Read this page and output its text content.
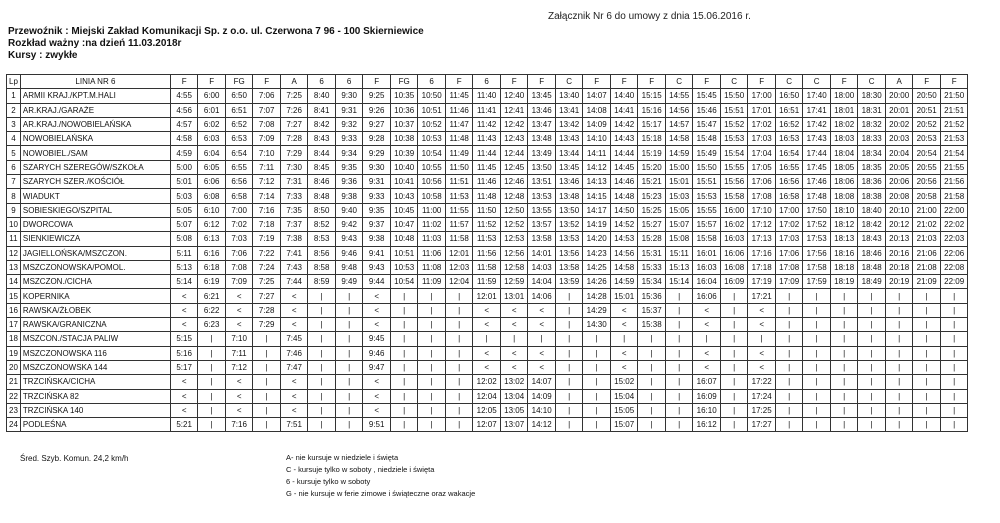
Załącznik Nr 6 do umowy z dnia 15.06.2016 r.
Przewoźnik : Miejski Zakład Komunikacji Sp. z o.o. ul. Czerwona 7 96 - 100 Skierniewice
Rozkład ważny :na dzień 11.03.2018r
Kursy : zwykłe
Lp	LINIA NR 6	F	F	FG	F	A	6	6	F	FG	6	F	6	F	F	C	F	F	F	C	F	C	F	C	C	F	C	A	F	F
1	ARMII KRAJ./KPT.M.HALI	4:55	6:00	6:50	7:06	7:25	8:40	9:30	9:25	10:35	10:50	11:45	11:40	12:40	13:45	13:40	14:07	14:40	15:15	14:55	15:45	15:50	17:00	16:50	17:40	18:00	18:30	20:00	20:50	21:50
2	AR.KRAJ./GARAŻE	4:56	6:01	6:51	7:07	7:26	8:41	9:31	9:26	10:36	10:51	11:46	11:41	12:41	13:46	13:41	14:08	14:41	15:16	14:56	15:46	15:51	17:01	16:51	17:41	18:01	18:31	20:01	20:51	21:51
3	AR.KRAJ./NOWOBIELAŃSKA	4:57	6:02	6:52	7:08	7:27	8:42	9:32	9:27	10:37	10:52	11:47	11:42	12:42	13:47	13:42	14:09	14:42	15:17	14:57	15:47	15:52	17:02	16:52	17:42	18:02	18:32	20:02	20:52	21:52
4	NOWOBIELAŃSKA	4:58	6:03	6:53	7:09	7:28	8:43	9:33	9:28	10:38	10:53	11:48	11:43	12:43	13:48	13:43	14:10	14:43	15:18	14:58	15:48	15:53	17:03	16:53	17:43	18:03	18:33	20:03	20:53	21:53
5	NOWOBIEL./SAM	4:59	6:04	6:54	7:10	7:29	8:44	9:34	9:29	10:39	10:54	11:49	11:44	12:44	13:49	13:44	14:11	14:44	15:19	14:59	15:49	15:54	17:04	16:54	17:44	18:04	18:34	20:04	20:54	21:54
6	SZARYCH SZEREGÓW/SZKOŁA	5:00	6:05	6:55	7:11	7:30	8:45	9:35	9:30	10:40	10:55	11:50	11:45	12:45	13:50	13:45	14:12	14:45	15:20	15:00	15:50	15:55	17:05	16:55	17:45	18:05	18:35	20:05	20:55	21:55
7	SZARYCH SZER./KOŚCIÓŁ	5:01	6:06	6:56	7:12	7:31	8:46	9:36	9:31	10:41	10:56	11:51	11:46	12:46	13:51	13:46	14:13	14:46	15:21	15:01	15:51	15:56	17:06	16:56	17:46	18:06	18:36	20:06	20:56	21:56
8	WIADUKT	5:03	6:08	6:58	7:14	7:33	8:48	9:38	9:33	10:43	10:58	11:53	11:48	12:48	13:53	13:48	14:15	14:48	15:23	15:03	15:53	15:58	17:08	16:58	17:48	18:08	18:38	20:08	20:58	21:58
9	SOBIESKIEGO/SZPITAL	5:05	6:10	7:00	7:16	7:35	8:50	9:40	9:35	10:45	11:00	11:55	11:50	12:50	13:55	13:50	14:17	14:50	15:25	15:05	15:55	16:00	17:10	17:00	17:50	18:10	18:40	20:10	21:00	22:00
10	DWORCOWA	5:07	6:12	7:02	7:18	7:37	8:52	9:42	9:37	10:47	11:02	11:57	11:52	12:52	13:57	13:52	14:19	14:52	15:27	15:07	15:57	16:02	17:12	17:02	17:52	18:12	18:42	20:12	21:02	22:02
11	SIENKIEWICZA	5:08	6:13	7:03	7:19	7:38	8:53	9:43	9:38	10:48	11:03	11:58	11:53	12:53	13:58	13:53	14:20	14:53	15:28	15:08	15:58	16:03	17:13	17:03	17:53	18:13	18:43	20:13	21:03	22:03
12	JAGIELLOŃSKA/MSZCZON.	5:11	6:16	7:06	7:22	7:41	8:56	9:46	9:41	10:51	11:06	12:01	11:56	12:56	14:01	13:56	14:23	14:56	15:31	15:11	16:01	16:06	17:16	17:06	17:56	18:16	18:46	20:16	21:06	22:06
13	MSZCZONOWSKA/POMOL.	5:13	6:18	7:08	7:24	7:43	8:58	9:48	9:43	10:53	11:08	12:03	11:58	12:58	14:03	13:58	14:25	14:58	15:33	15:13	16:03	16:08	17:18	17:08	17:58	18:18	18:48	20:18	21:08	22:08
14	MSZCZON./CICHA	5:14	6:19	7:09	7:25	7:44	8:59	9:49	9:44	10:54	11:09	12:04	11:59	12:59	14:04	13:59	14:26	14:59	15:34	15:14	16:04	16:09	17:19	17:09	17:59	18:19	18:49	20:19	21:09	22:09
15	KOPERNIKA	<	6:21	<	7:27	<	|	|	<	|	|	|	12:01	13:01	14:06	|	14:28	15:01	15:36	|	16:06	|	17:21	|	|	|	|	|	|	|
16	RAWSKA/ŻŁOBEK	<	6:22	<	7:28	<	|	|	<	|	|	|	<	<	<	|	14:29	<	15:37	|	<	|	<	|	|	|	|	|	|	|
17	RAWSKA/GRANICZNA	<	6:23	<	7:29	<	|	|	<	|	|	|	<	<	<	|	14:30	<	15:38	|	<	|	<	|	|	|	|	|	|	|
18	MSZCON./STACJA PALIW	5:15	|	7:10	|	7:45	|	|	9:45	|	|	|	|	|	|	|	|	|	|	|	|	|	|	|	|	|	|	|	|	|
19	MSZCZONOWSKA 116	5:16	|	7:11	|	7:46	|	|	9:46	|	|	|	<	<	<	|	|	<	|	|	<	|	<	|	|	|	|	|	|	|
20	MSZCZONOWSKA 144	5:17	|	7:12	|	7:47	|	|	9:47	|	|	|	<	<	<	|	|	<	|	|	<	|	<	|	|	|	|	|	|	|
21	TRZCIŃSKA/CICHA	<	|	<	|	<	|	|	<	|	|	|	12:02	13:02	14:07	|	|	15:02	|	|	16:07	|	17:22	|	|	|	|	|	|	|
22	TRZCIŃSKA 82	<	|	<	|	<	|	|	<	|	|	|	12:04	13:04	14:09	|	|	15:04	|	|	16:09	|	17:24	|	|	|	|	|	|	|
23	TRZCIŃSKA 140	<	|	<	|	<	|	|	<	|	|	|	12:05	13:05	14:10	|	|	15:05	|	|	16:10	|	17:25	|	|	|	|	|	|	|
24	PODLEŚNA	5:21	|	7:16	|	7:51	|	|	9:51	|	|	|	12:07	13:07	14:12	|	|	15:07	|	|	16:12	|	17:27	|	|	|	|	|	|	|
Śred. Szyb. Komun. 24,2 km/h	A- nie kursuje w niedziele i święta
C - kursuje tylko w soboty , niedziele i święta
6 - kursuje tylko w soboty
G - nie kursuje w ferie zimowe i świąteczne oraz wakacje
